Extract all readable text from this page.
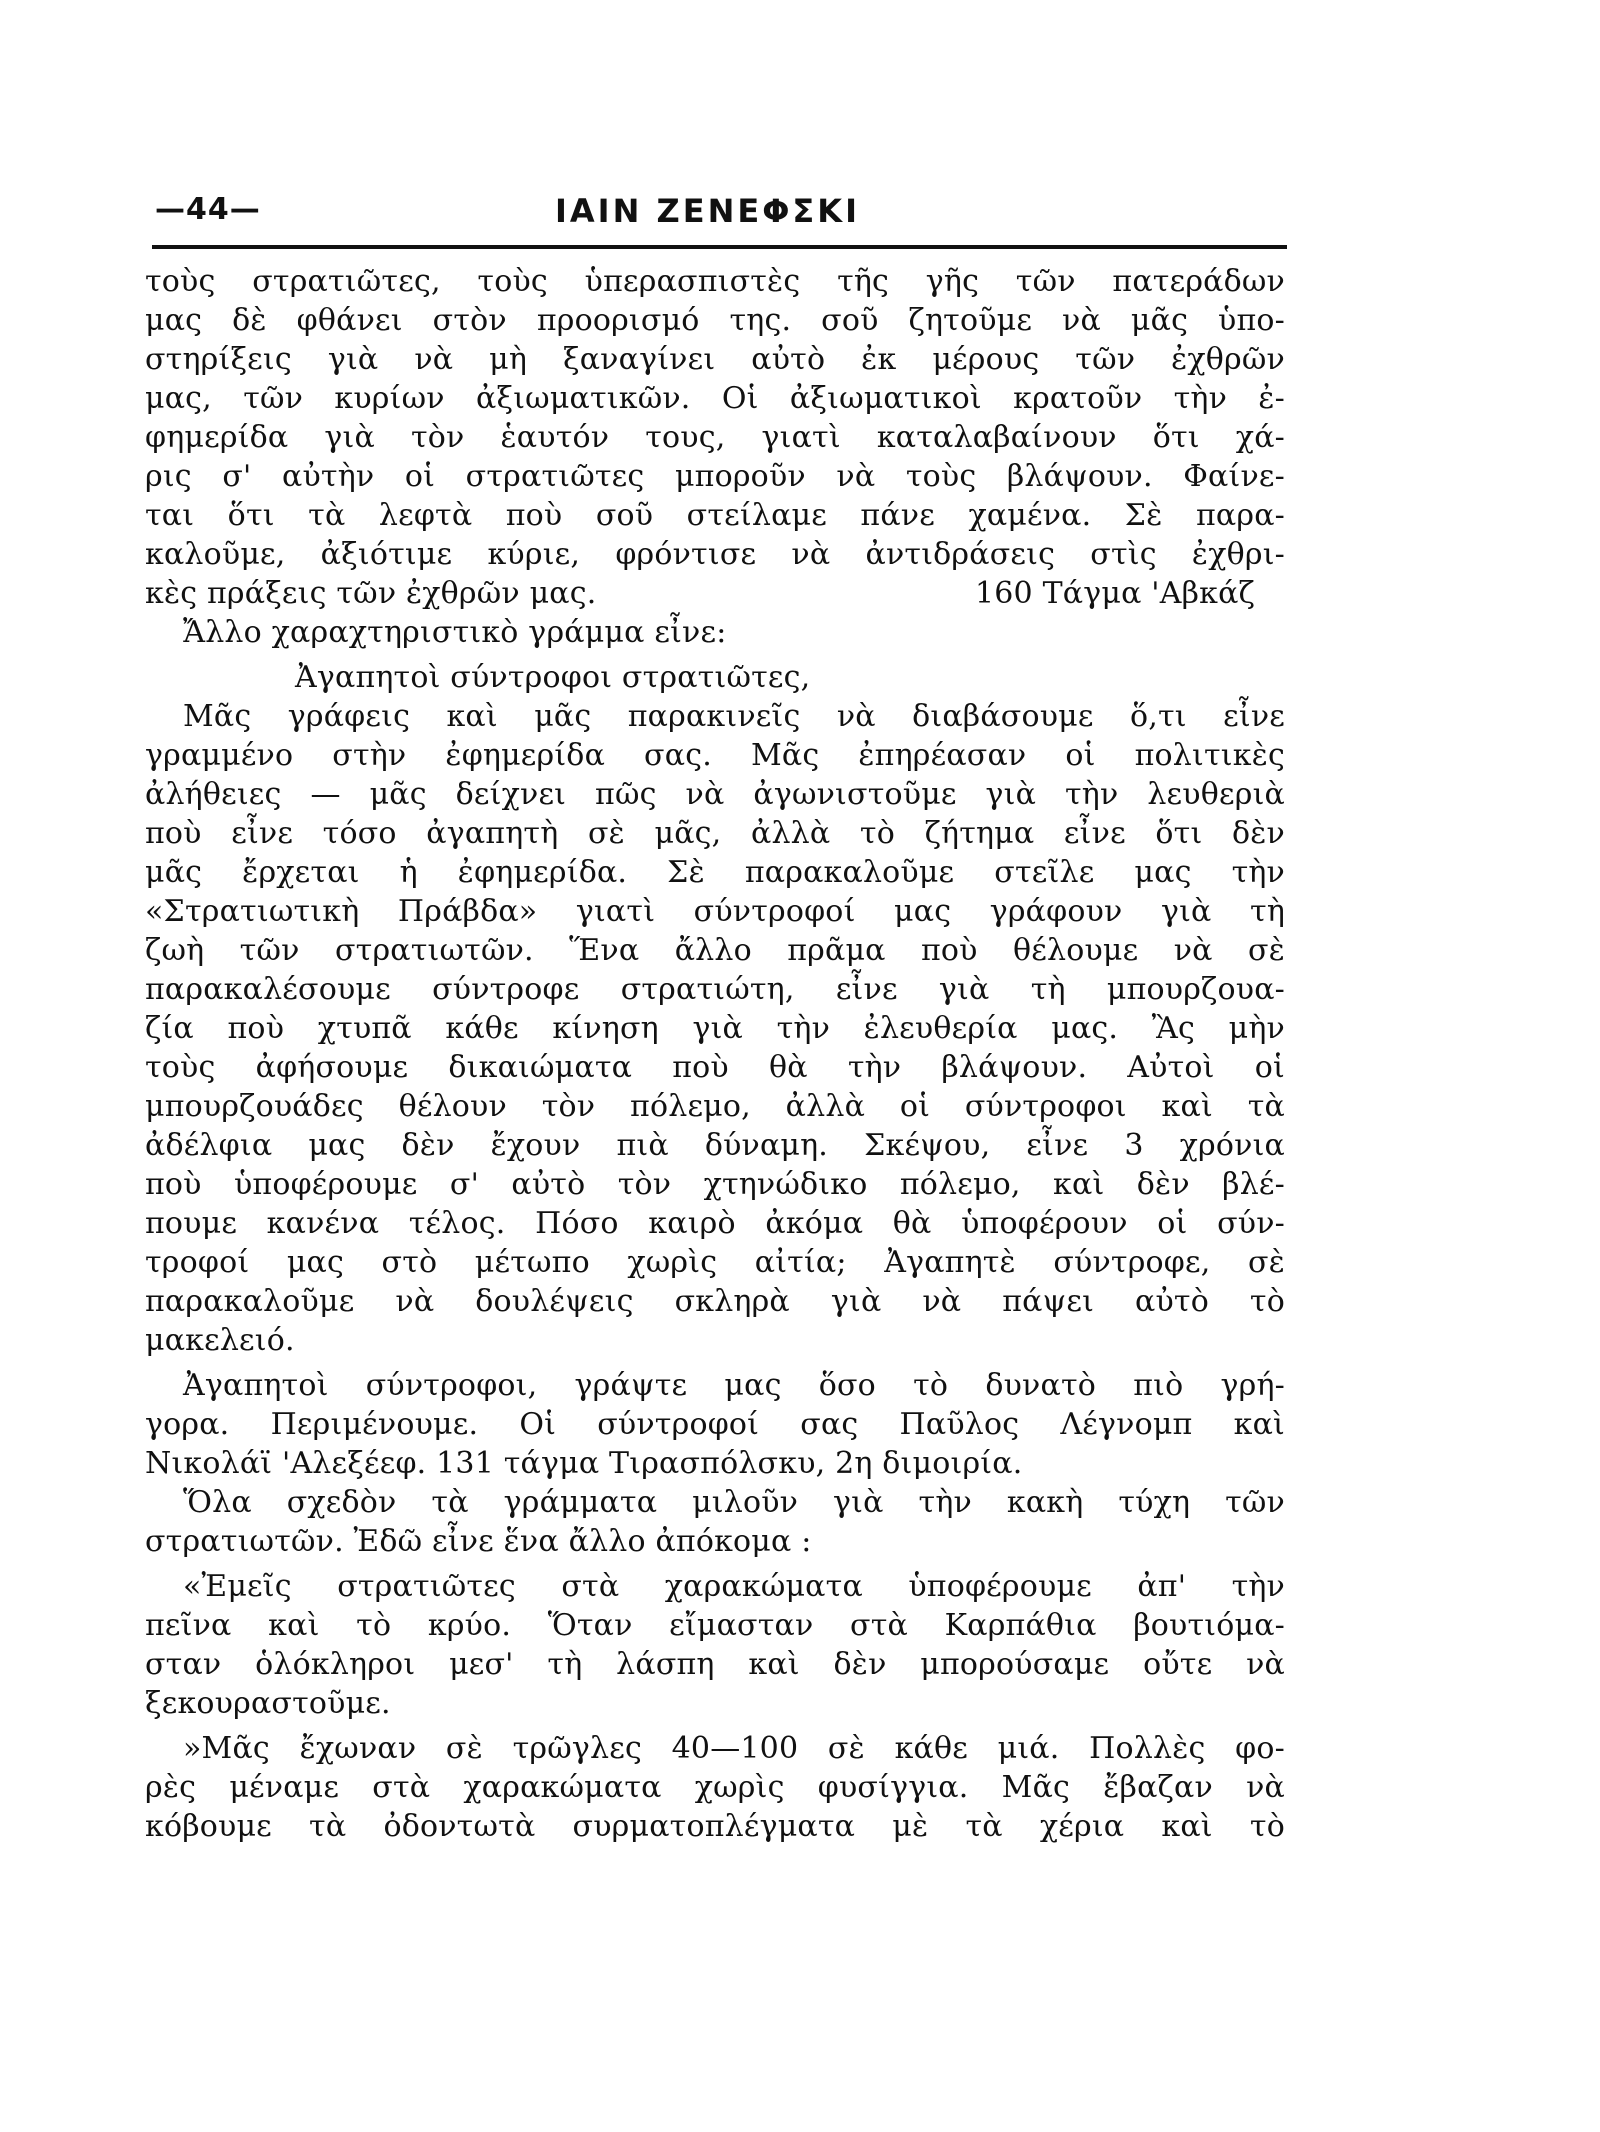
—44—	ΙΑΙΝ ΖΕΝΕΦΣΚΙ
τοὺς στρατιῶτες, τοὺς ὑπερασπιστὲς τῆς γῆς τῶν πατεράδων
μας δὲ φθάνει στὸν προορισμό της. σοῦ ζητοῦμε νὰ μᾶς ὑπο-
στηρίξεις γιὰ νὰ μὴ ξαναγίνει αὐτὸ ἐκ μέρους τῶν ἐχθρῶν
μας, τῶν κυρίων ἀξιωματικῶν. Οἱ ἀξιωματικοὶ κρατοῦν τὴν ἐ-
φημερίδα γιὰ τὸν ἑαυτόν τους, γιατὶ καταλαβαίνουν ὅτι χά-
ρις σ' αὐτὴν οἱ στρατιῶτες μποροῦν νὰ τοὺς βλάψουν. Φαίνε-
ται ὅτι τὰ λεφτὰ ποὺ σοῦ στείλαμε πάνε χαμένα. Σὲ παρα-
καλοῦμε, ἀξιότιμε κύριε, φρόντισε νὰ ἀντιδράσεις στὶς ἐχθρι-
κὲς πράξεις τῶν ἐχθρῶν μας.	160 Τάγμα 'Αβκάζ
Ἄλλο χαραχτηριστικὸ γράμμα εἶνε:
Ἀγαπητοὶ σύντροφοι στρατιῶτες,
Μᾶς γράφεις καὶ μᾶς παρακινεῖς νὰ διαβάσουμε ὅ,τι εἶνε
γραμμένο στὴν ἐφημερίδα σας. Μᾶς ἐπηρέασαν οἱ πολιτικὲς
ἀλήθειες — μᾶς δείχνει πῶς νὰ ἀγωνιστοῦμε γιὰ τὴν λευθεριὰ
ποὺ εἶνε τόσο ἀγαπητὴ σὲ μᾶς, ἀλλὰ τὸ ζήτημα εἶνε ὅτι δὲν
μᾶς ἔρχεται ἡ ἐφημερίδα. Σὲ παρακαλοῦμε στεῖλε μας τὴν
«Στρατιωτικὴ Πράβδα» γιατὶ σύντροφοί μας γράφουν γιὰ τὴ
ζωὴ τῶν στρατιωτῶν. Ἕνα ἄλλο πρᾶμα ποὺ θέλουμε νὰ σὲ
παρακαλέσουμε σύντροφε στρατιώτη, εἶνε γιὰ τὴ μπουρζουα-
ζία ποὺ χτυπᾶ κάθε κίνηση γιὰ τὴν ἐλευθερία μας. Ἂς μὴν
τοὺς ἀφήσουμε δικαιώματα ποὺ θὰ τὴν βλάψουν. Αὐτοὶ οἱ
μπουρζουάδες θέλουν τὸν πόλεμο, ἀλλὰ οἱ σύντροφοι καὶ τὰ
ἀδέλφια μας δὲν ἔχουν πιὰ δύναμη. Σκέψου, εἶνε 3 χρόνια
ποὺ ὑποφέρουμε σ' αὐτὸ τὸν χτηνώδικο πόλεμο, καὶ δὲν βλέ-
πουμε κανένα τέλος. Πόσο καιρὸ ἀκόμα θὰ ὑποφέρουν οἱ σύν-
τροφοί μας στὸ μέτωπο χωρὶς αἰτία; Ἀγαπητὲ σύντροφε, σὲ
παρακαλοῦμε νὰ δουλέψεις σκληρὰ γιὰ νὰ πάψει αὐτὸ τὸ
μακελειό.
Ἀγαπητοὶ σύντροφοι, γράψτε μας ὅσο τὸ δυνατὸ πιὸ γρή-
γορα. Περιμένουμε. Οἱ σύντροφοί σας Παῦλος Λέγνομπ καὶ
Νικολάϊ 'Αλεξέεφ. 131 τάγμα Τιρασπόλσκυ, 2η διμοιρία.
Ὅλα σχεδὸν τὰ γράμματα μιλοῦν γιὰ τὴν κακὴ τύχη τῶν
στρατιωτῶν. Ἐδῶ εἶνε ἕνα ἄλλο ἀπόκομα :
«Ἐμεῖς στρατιῶτες στὰ χαρακώματα ὑποφέρουμε ἀπ' τὴν
πεῖνα καὶ τὸ κρύο. Ὅταν εἴμασταν στὰ Καρπάθια βουτιόμα-
σταν ὁλόκληροι μεσ' τὴ λάσπη καὶ δὲν μπορούσαμε οὔτε νὰ
ξεκουραστοῦμε.
»Μᾶς ἔχωναν σὲ τρῶγλες 40—100 σὲ κάθε μιά. Πολλὲς φο-
ρὲς μέναμε στὰ χαρακώματα χωρὶς φυσίγγια. Μᾶς ἔβαζαν νὰ
κόβουμε τὰ ὀδοντωτὰ συρματοπλέγματα μὲ τὰ χέρια καὶ τὸ
